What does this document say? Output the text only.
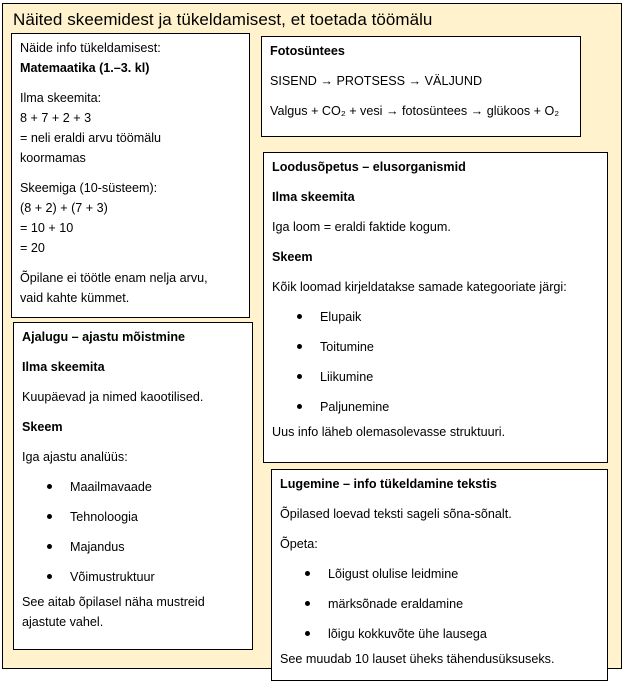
Näited skeemidest ja tükeldamisest, et toetada töömälu

Näide info tükeldamisest:

Matemaatika (1.–3. kl)

Ilma skeemita:

8 + 7 + 2 + 3

= neli eraldi arvu töömälu

koormamas

Skeemiga (10-süsteem):

(8 + 2) + (7 + 3)

= 10 + 10

= 20

Õpilane ei töötle enam nelja arvu,

vaid kahte kümmet.

Fotosüntees

SISEND → PROTSESS → VÄLJUND

Valgus + CO₂ + vesi → fotosüntees → glükoos + O₂

Loodusõpetus – elusorganismid

Ilma skeemita

Iga loom = eraldi faktide kogum.

Skeem

Kõik loomad kirjeldatakse samade kategooriate järgi:

Elupaik
Toitumine
Liikumine
Paljunemine

Uus info läheb olemasolevasse struktuuri.

Ajalugu – ajastu mõistmine

Ilma skeemita

Kuupäevad ja nimed kaootilised.

Skeem

Iga ajastu analüüs:

Maailmavaade
Tehnoloogia
Majandus
Võimustruktuur

See aitab õpilasel näha mustreid

ajastute vahel.

Lugemine – info tükeldamine tekstis

Õpilased loevad teksti sageli sõna-sõnalt.

Õpeta:

Lõigust olulise leidmine
märksõnade eraldamine
lõigu kokkuvõte ühe lausega

See muudab 10 lauset üheks tähendusüksuseks.
